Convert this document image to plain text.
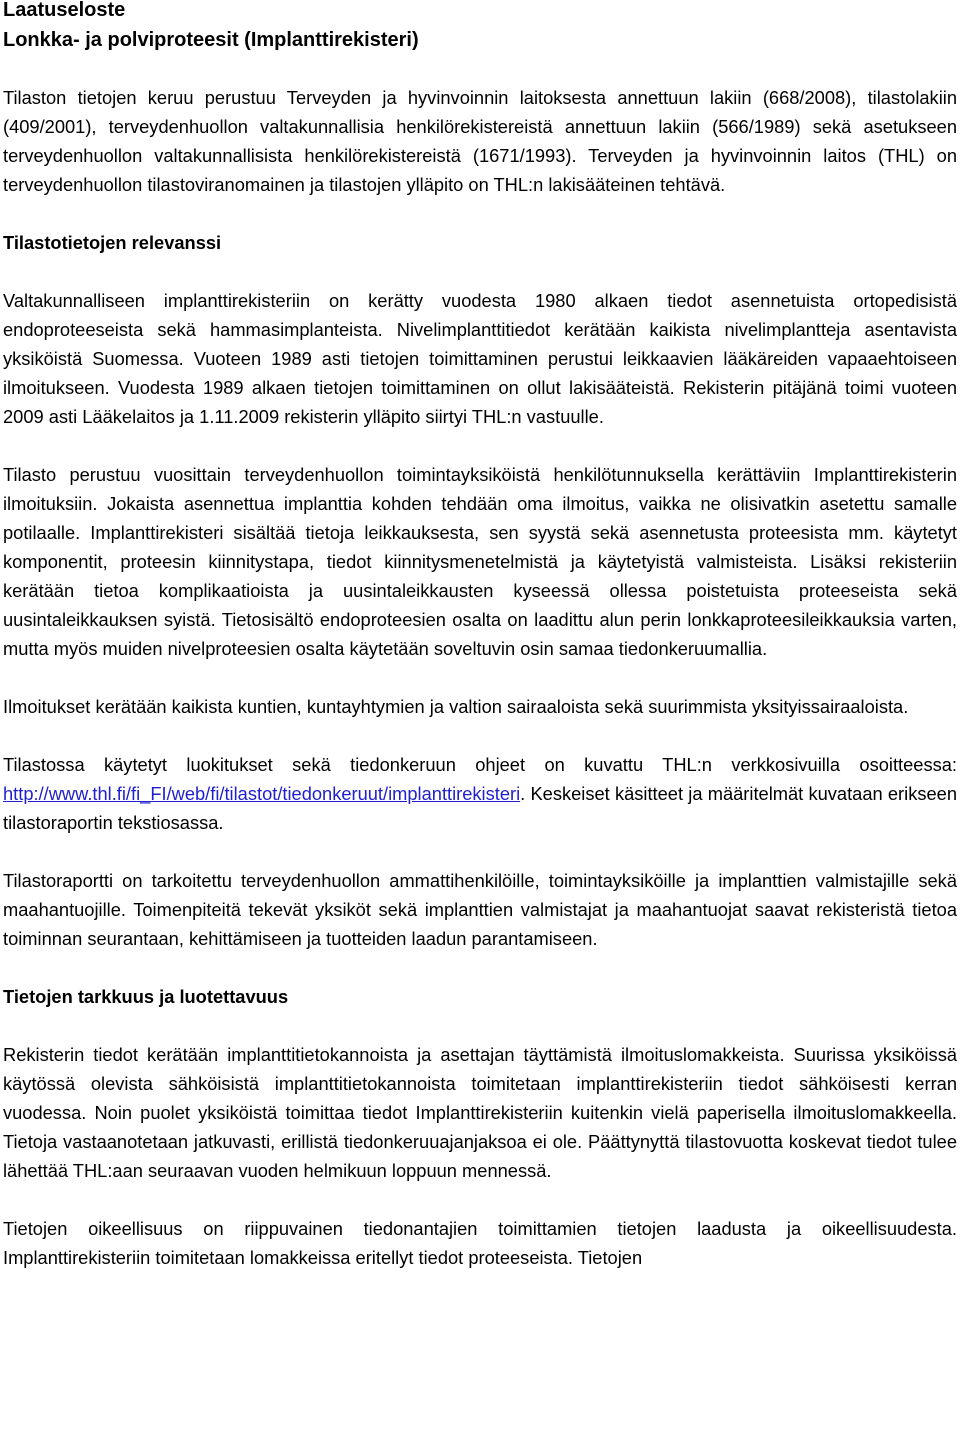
Laatuseloste

Lonkka- ja polviproteesit (Implanttirekisteri)

Tilaston tietojen keruu perustuu Terveyden ja hyvinvoinnin laitoksesta annettuun lakiin (668/2008), tilastolakiin (409/2001), terveydenhuollon valtakunnallisia henkilörekistereistä annettuun lakiin (566/1989) sekä asetukseen terveydenhuollon valtakunnallisista henkilörekistereistä (1671/1993). Terveyden ja hyvinvoinnin laitos (THL) on terveydenhuollon tilastoviranomainen ja tilastojen ylläpito on THL:n lakisääteinen tehtävä.

Tilastotietojen relevanssi

Valtakunnalliseen implanttirekisteriin on kerätty vuodesta 1980 alkaen tiedot asennetuista ortopedisistä endoproteeseista sekä hammasimplanteista. Nivelimplanttitiedot kerätään kaikista nivelimplantteja asentavista yksiköistä Suomessa. Vuoteen 1989 asti tietojen toimittaminen perustui leikkaavien lääkäreiden vapaaehtoiseen ilmoitukseen. Vuodesta 1989 alkaen tietojen toimittaminen on ollut lakisääteistä. Rekisterin pitäjänä toimi vuoteen 2009 asti Lääkelaitos ja 1.11.2009 rekisterin ylläpito siirtyi THL:n vastuulle.

Tilasto perustuu vuosittain terveydenhuollon toimintayksiköistä henkilötunnuksella kerättäviin Implanttirekisterin ilmoituksiin. Jokaista asennettua implanttia kohden tehdään oma ilmoitus, vaikka ne olisivatkin asetettu samalle potilaalle. Implanttirekisteri sisältää tietoja leikkauksesta, sen syystä sekä asennetusta proteesista mm. käytetyt komponentit, proteesin kiinnitystapa, tiedot kiinnitysmenetelmistä ja käytetyistä valmisteista. Lisäksi rekisteriin kerätään tietoa komplikaatioista ja uusintaleikkausten kyseessä ollessa poistetuista proteeseista sekä uusintaleikkauksen syistä. Tietosisältö endoproteesien osalta on laadittu alun perin lonkkaproteesileikkauksia varten, mutta myös muiden nivelproteesien osalta käytetään soveltuvin osin samaa tiedonkeruumallia.

Ilmoitukset kerätään kaikista kuntien, kuntayhtymien ja valtion sairaaloista sekä suurimmista yksityissairaaloista.

Tilastossa käytetyt luokitukset sekä tiedonkeruun ohjeet on kuvattu THL:n verkkosivuilla osoitteessa: http://www.thl.fi/fi_FI/web/fi/tilastot/tiedonkeruut/implanttirekisteri. Keskeiset käsitteet ja määritelmät kuvataan erikseen tilastoraportin tekstiosassa.

Tilastoraportti on tarkoitettu terveydenhuollon ammattihenkilöille, toimintayksiköille ja implanttien valmistajille sekä maahantuojille. Toimenpiteitä tekevät yksiköt sekä implanttien valmistajat ja maahantuojat saavat rekisteristä tietoa toiminnan seurantaan, kehittämiseen ja tuotteiden laadun parantamiseen.

Tietojen tarkkuus ja luotettavuus

Rekisterin tiedot kerätään implanttitietokannoista ja asettajan täyttämistä ilmoituslomakkeista. Suurissa yksiköissä käytössä olevista sähköisistä implanttitietokannoista toimitetaan implanttirekisteriin tiedot sähköisesti kerran vuodessa. Noin puolet yksiköistä toimittaa tiedot Implanttirekisteriin kuitenkin vielä paperisella ilmoituslomakkeella. Tietoja vastaanotetaan jatkuvasti, erillistä tiedonkeruuajanjaksoa ei ole. Päättynyttä tilastovuotta koskevat tiedot tulee lähettää THL:aan seuraavan vuoden helmikuun loppuun mennessä.

Tietojen oikeellisuus on riippuvainen tiedonantajien toimittamien tietojen laadusta ja oikeellisuudesta. Implanttirekisteriin toimitetaan lomakkeissa eritellyt tiedot proteeseista. Tietojen
